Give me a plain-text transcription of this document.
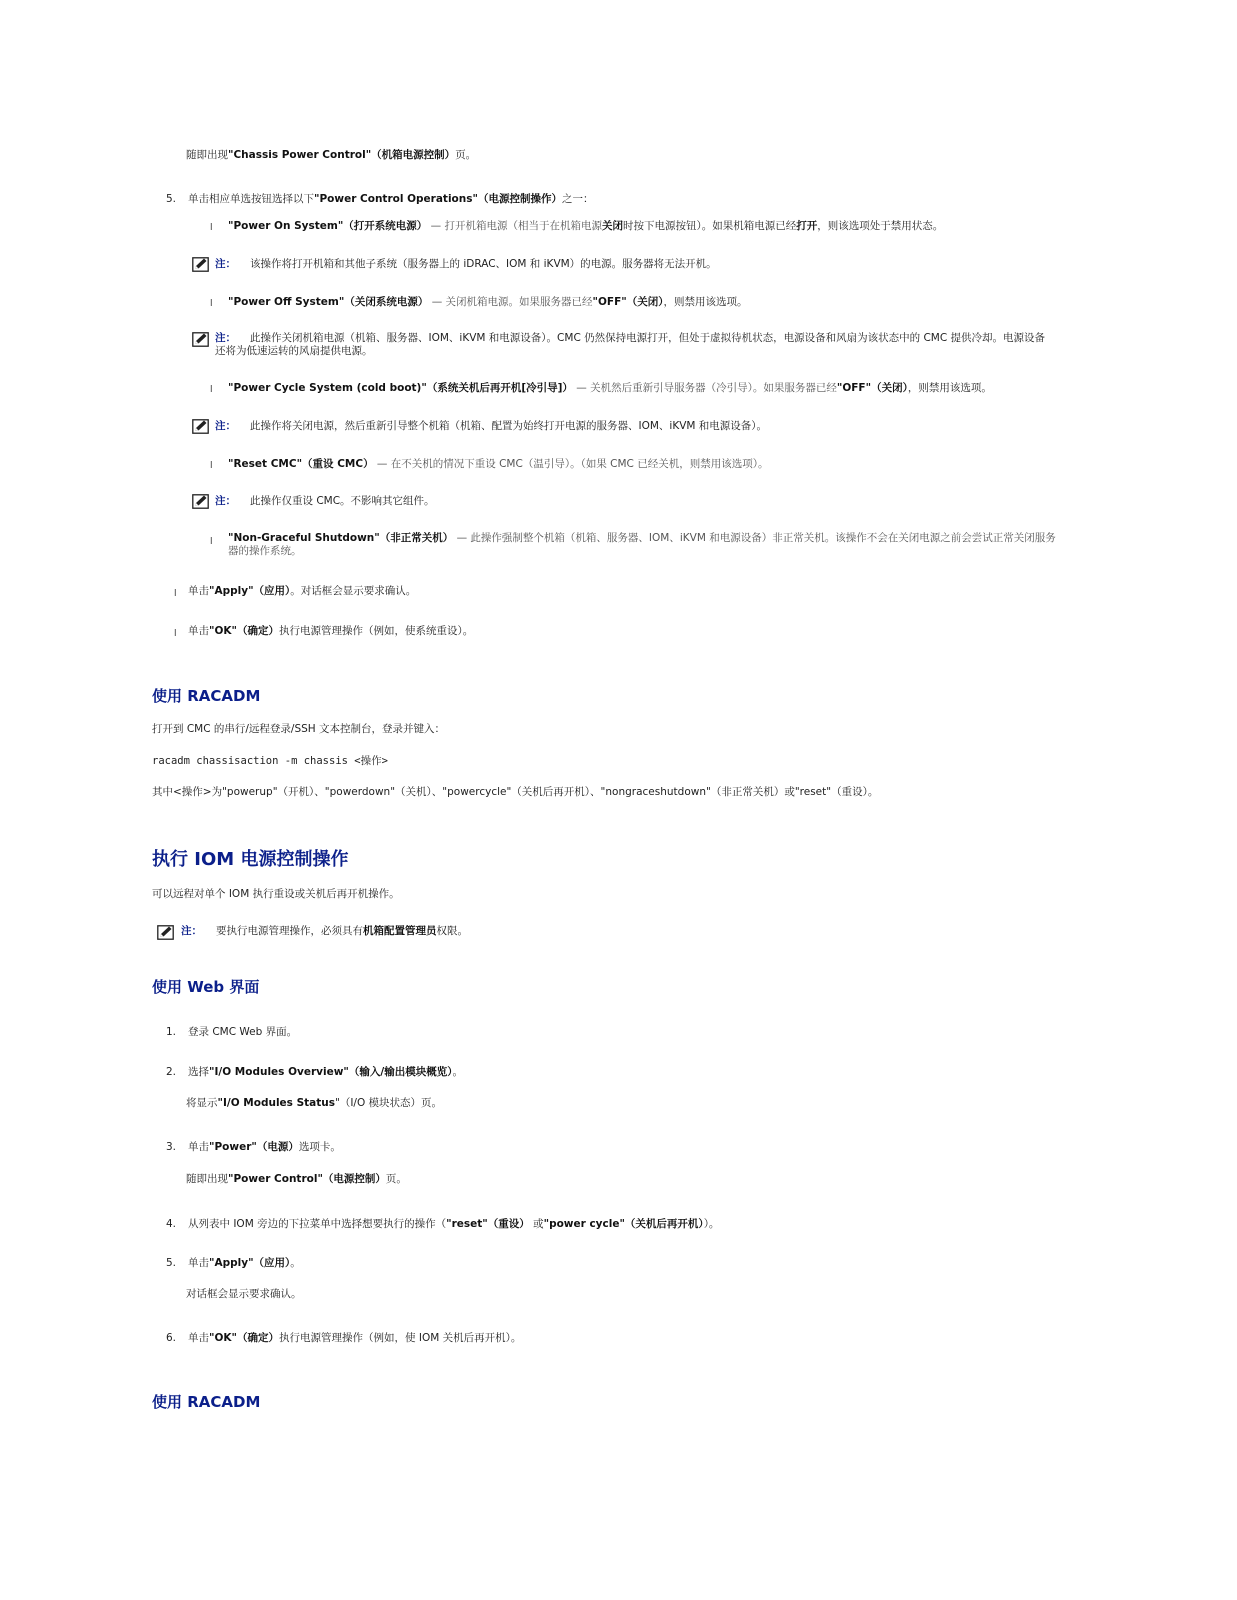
随即出现"Chassis Power Control"（机箱电源控制）页。
5. 单击相应单选按钮选择以下"Power Control Operations"（电源控制操作）之一：
l "Power On System"（打开系统电源） — 打开机箱电源（相当于在机箱电源关闭时按下电源按钮）。如果机箱电源已经打开，则该选项处于禁用状态。
注： 该操作将打开机箱和其他子系统（服务器上的 iDRAC、IOM 和 iKVM）的电源。服务器将无法开机。
l "Power Off System"（关闭系统电源） — 关闭机箱电源。如果服务器已经"OFF"（关闭），则禁用该选项。
注： 此操作关闭机箱电源（机箱、服务器、IOM、iKVM 和电源设备）。CMC 仍然保持电源打开，但处于虚拟待机状态，电源设备和风扇为该状态中的 CMC 提供冷却。电源设备还将为低速运转的风扇提供电源。
l "Power Cycle System (cold boot)"（系统关机后再开机[冷引导]） — 关机然后重新引导服务器（冷引导）。如果服务器已经"OFF"（关闭），则禁用该选项。
注： 此操作将关闭电源，然后重新引导整个机箱（机箱、配置为始终打开电源的服务器、IOM、iKVM 和电源设备）。
l "Reset CMC"（重设 CMC） — 在不关机的情况下重设 CMC（温引导）。（如果 CMC 已经关机，则禁用该选项）。
注： 此操作仅重设 CMC。不影响其它组件。
l "Non-Graceful Shutdown"（非正常关机） — 此操作强制整个机箱（机箱、服务器、IOM、iKVM 和电源设备）非正常关机。该操作不会在关闭电源之前会尝试正常关闭服务器的操作系统。
l 单击"Apply"（应用）。对话框会显示要求确认。
l 单击"OK"（确定）执行电源管理操作（例如，使系统重设）。
使用 RACADM
打开到 CMC 的串行/远程登录/SSH 文本控制台，登录并键入：
racadm chassisaction -m chassis <操作>
其中<操作>为"powerup"（开机）、"powerdown"（关机）、"powercycle"（关机后再开机）、"nongraceshutdown"（非正常关机）或"reset"（重设）。
执行 IOM 电源控制操作
可以远程对单个 IOM 执行重设或关机后再开机操作。
注： 要执行电源管理操作，必须具有机箱配置管理员权限。
使用 Web 界面
1. 登录 CMC Web 界面。
2. 选择"I/O Modules Overview"（输入/输出模块概览）。
将显示"I/O Modules Status"（I/O 模块状态）页。
3. 单击"Power"（电源）选项卡。
随即出现"Power Control"（电源控制）页。
4. 从列表中 IOM 旁边的下拉菜单中选择想要执行的操作（"reset"（重设） 或"power cycle"（关机后再开机））。
5. 单击"Apply"（应用）。
对话框会显示要求确认。
6. 单击"OK"（确定）执行电源管理操作（例如，使 IOM 关机后再开机）。
使用 RACADM
